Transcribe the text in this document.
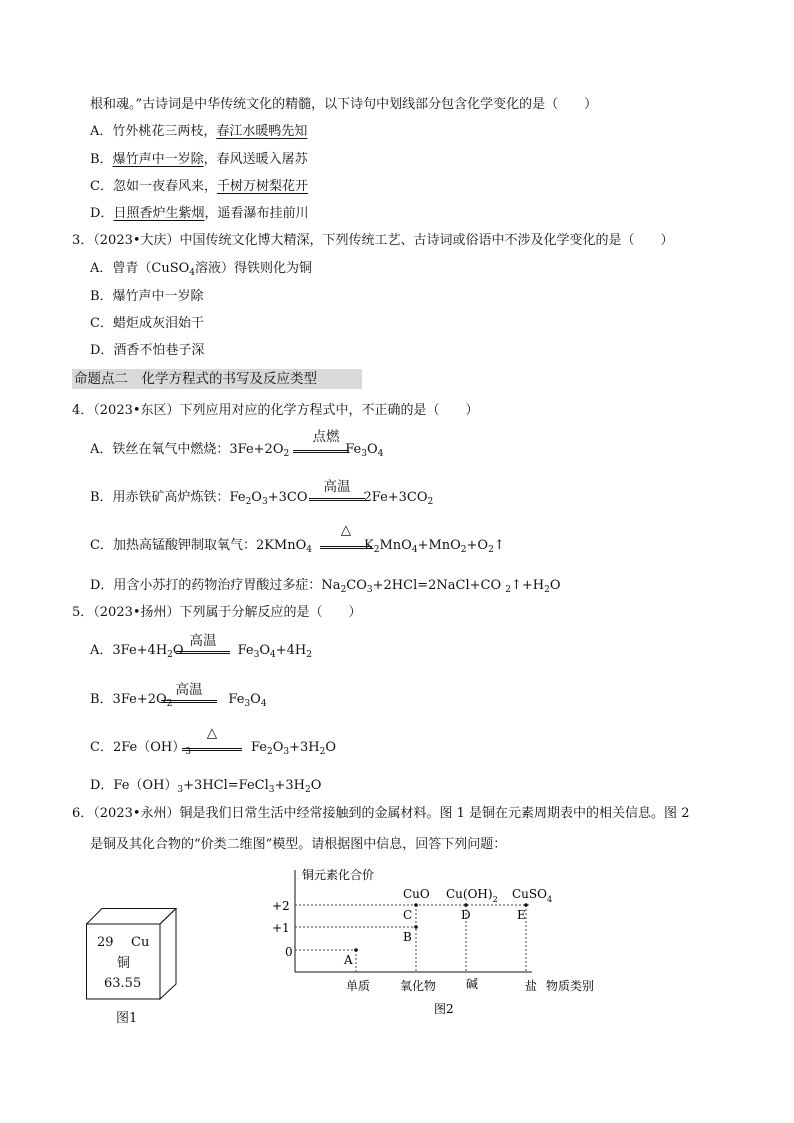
根和魂。”古诗词是中华传统文化的精髓，以下诗句中划线部分包含化学变化的是（　　）
A．竹外桃花三两枝，春江水暖鸭先知
B．爆竹声中一岁除，春风送暖入屠苏
C．忽如一夜春风来，千树万树梨花开
D．日照香炉生紫烟，遥看瀑布挂前川
3．（2023•大庆）中国传统文化博大精深，下列传统工艺、古诗词或俗语中不涉及化学变化的是（　　）
A．曾青（CuSO$_4$溶液）得铁则化为铜
B．爆竹声中一岁除
C．蜡炬成灰泪始干
D．酒香不怕巷子深
命题点二　化学方程式的书写及反应类型
4．（2023•东区）下列应用对应的化学方程式中，不正确的是（　　）
A．铁丝在氧气中燃烧：$3Fe+2O_2$	$Fe_3O_4$
点燃
B．用赤铁矿高炉炼铁：$Fe_2O_3+3CO$	$2Fe+3CO_2$
高温
C．加热高锰酸钾制取氧气：2KMnO$_4$	$K_2MnO_4+MnO_2+O_2↑$
△
D．用含小苏打的药物治疗胃酸过多症：$Na_2CO_3+2HCl=2NaCl+CO$ $_2↑+H_2O$
5．（2023•扬州）下列属于分解反应的是（　　）
A．$3Fe+4H_2O$	$Fe_3O_4+4H_2$
高温
B．$3Fe+2O_2$	$Fe_3O_4$
高温
C．$2Fe(OH)_3$	$Fe_2O_3+3H_2O$
△
D．$Fe(OH)_3+3HCl=FeCl_3+3H_2O$
6．（2023•永州）铜是我们日常生活中经常接触到的金属材料。图 1 是铜在元素周期表中的相关信息。图 2
是铜及其化合物的“价类二维图”模型。请根据图中信息，回答下列问题：
29 Cu
铜
63.55
图1
铜元素化合价
+2
+1
0
A
B
C	D	E
CuO $Cu(OH)_2$ CuSO$_4$
单质 氧化物 碱	盐 物质类别
图2
